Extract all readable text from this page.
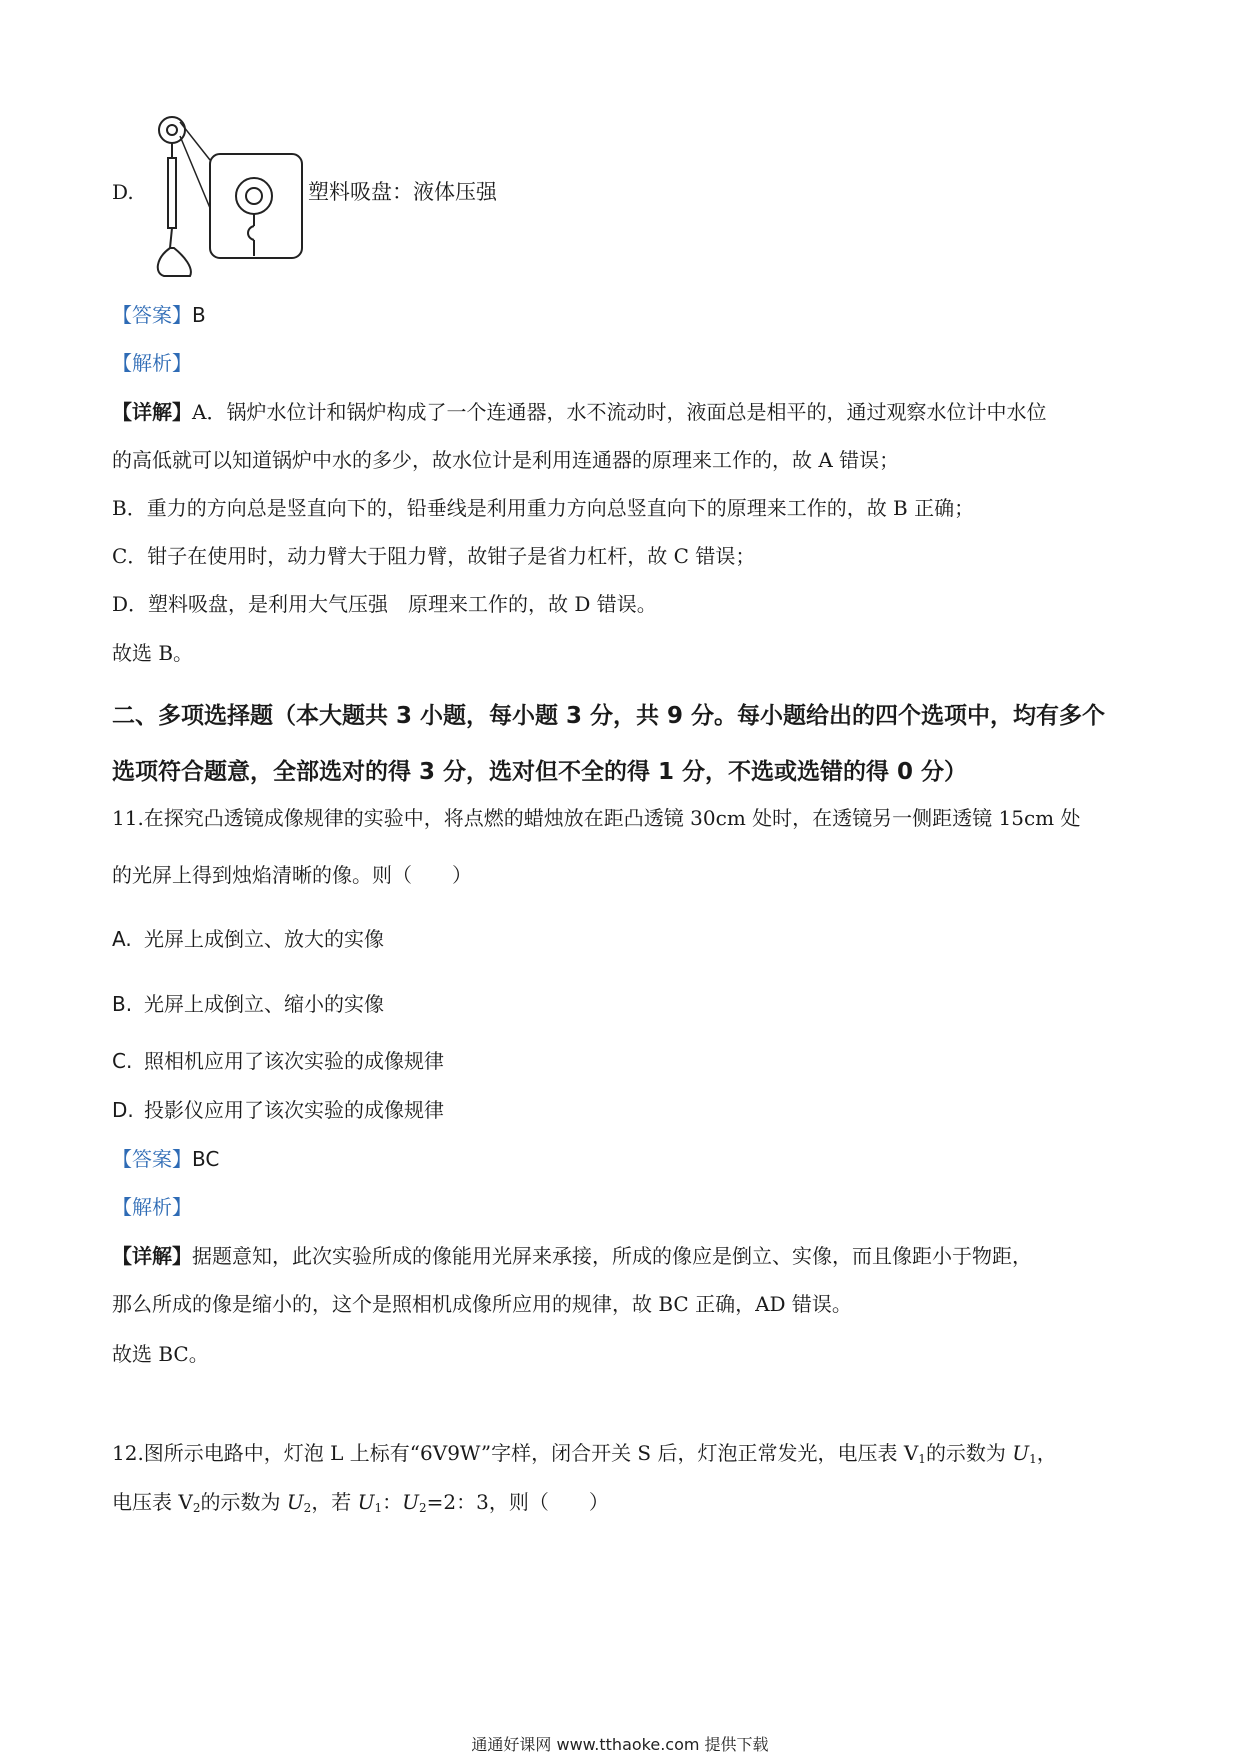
D.	塑料吸盘：液体压强
【答案】B
【解析】
【详解】A．锅炉水位计和锅炉构成了一个连通器，水不流动时，液面总是相平的，通过观察水位计中水位
的高低就可以知道锅炉中水的多少，故水位计是利用连通器的原理来工作的，故 A 错误；
B．重力的方向总是竖直向下的，铅垂线是利用重力方向总竖直向下的原理来工作的，故 B 正确；
C．钳子在使用时，动力臂大于阻力臂，故钳子是省力杠杆，故 C 错误；
D．塑料吸盘，是利用大气压强　原理来工作的，故 D 错误。
故选 B。
二、多项选择题（本大题共 3 小题，每小题 3 分，共 9 分。每小题给出的四个选项中，均有多个
选项符合题意，全部选对的得 3 分，选对但不全的得 1 分，不选或选错的得 0 分）
11.在探究凸透镜成像规律的实验中，将点燃的蜡烛放在距凸透镜 30cm 处时，在透镜另一侧距透镜 15cm 处
的光屏上得到烛焰清晰的像。则（　　）
A. 光屏上成倒立、放大的实像
B. 光屏上成倒立、缩小的实像
C. 照相机应用了该次实验的成像规律
D. 投影仪应用了该次实验的成像规律
【答案】BC
【解析】
【详解】据题意知，此次实验所成的像能用光屏来承接，所成的像应是倒立、实像，而且像距小于物距，
那么所成的像是缩小的，这个是照相机成像所应用的规律，故 BC 正确，AD 错误。
故选 BC。
12.图所示电路中，灯泡 L 上标有“6V9W”字样，闭合开关 S 后，灯泡正常发光，电压表 $V_1$的示数为 $U_1$，
电压表 $V_2$的示数为 $U_2$，若 $U_1$：$U_2=2$：3，则（　　）
通通好课网 www.tthaoke.com 提供下载
